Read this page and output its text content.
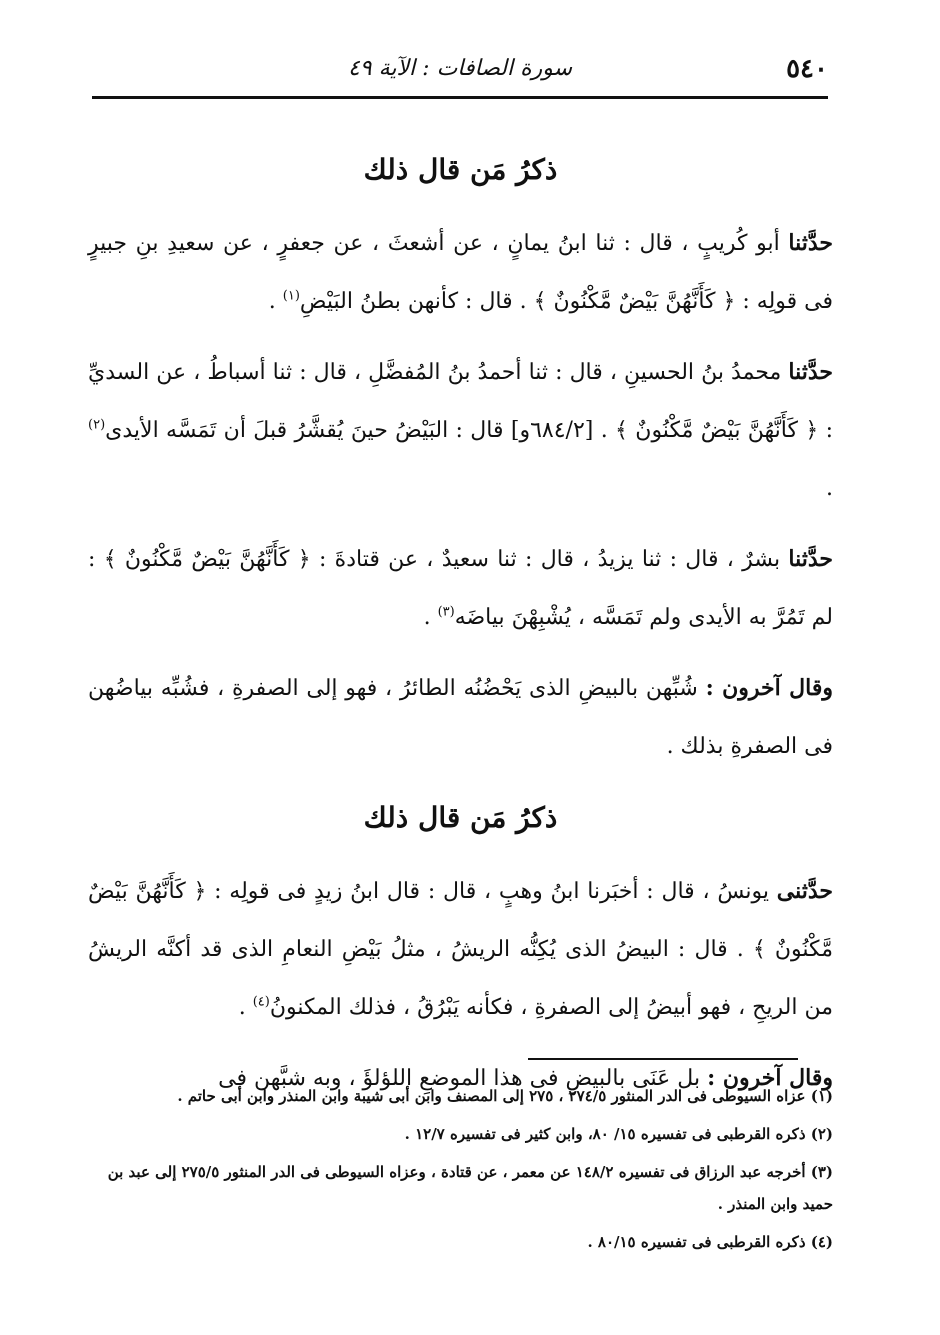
٥٤٠
سورة الصافات : الآية ٤٩
ذكرُ مَن قال ذلك

حدَّثنا أبو كُريبٍ ، قال : ثنا ابنُ يمانٍ ، عن أشعثَ ، عن جعفرٍ ، عن سعيدِ بنِ جبيرٍ فى قولِه : ﴿ كَأَنَّهُنَّ بَيْضٌ مَّكْنُونٌ ﴾ . قال : كأنهن بطنُ البَيْضِ$^{(١)}$ .

حدَّثنا محمدُ بنُ الحسينِ ، قال : ثنا أحمدُ بنُ المُفضَّلِ ، قال : ثنا أسباطُ ، عن السديِّ : ﴿ كَأَنَّهُنَّ بَيْضٌ مَّكْنُونٌ ﴾ . [٦٨٤/٢و] قال : البَيْضُ حينَ يُقشَّرُ قبلَ أن تَمَسَّه الأيدى$^{(٢)}$ .

حدَّثنا بشرٌ ، قال : ثنا يزيدُ ، قال : ثنا سعيدٌ ، عن قتادةَ : ﴿ كَأَنَّهُنَّ بَيْضٌ مَّكْنُونٌ ﴾ : لم تَمُرَّ به الأيدى ولم تَمَسَّه ، يُشْبِهْنَ بياضَه$^{(٣)}$ .

وقال آخرون : شُبِّهن بالبيضِ الذى يَحْضُنُه الطائرُ ، فهو إلى الصفرةِ ، فشُبِّه بياضُهن فى الصفرةِ بذلك .

ذكرُ مَن قال ذلك

حدَّثنى يونسُ ، قال : أخبَرنا ابنُ وهبٍ ، قال : قال ابنُ زيدٍ فى قولِه : ﴿ كَأَنَّهُنَّ بَيْضٌ مَّكْنُونٌ ﴾ . قال : البيضُ الذى يُكِنُّه الريشُ ، مثلُ بَيْضِ النعامِ الذى قد أكنَّه الريشُ من الريحِ ، فهو أبيضُ إلى الصفرةِ ، فكأنه يَبْرُقُ ، فذلك المكنونُ$^{(٤)}$ .

وقال آخرون : بل عَنَى بالبيضِ فى هذا الموضعِ اللؤلؤَ ، وبه شبَّهن فى

(١) عزاه السيوطى فى الدر المنثور ٢٧٤/٥ ، ٢٧٥ إلى المصنف وابن أبى شيبة وابن المنذر وابن أبى حاتم .
(٢) ذكره القرطبى فى تفسيره ١٥/ ٨٠، وابن كثير فى تفسيره ١٢/٧ .
(٣) أخرجه عبد الرزاق فى تفسيره ١٤٨/٢ عن معمر ، عن قتادة ، وعزاه السيوطى فى الدر المنثور ٢٧٥/٥ إلى عبد بن حميد وابن المنذر .
(٤) ذكره القرطبى فى تفسيره ٨٠/١٥ .
